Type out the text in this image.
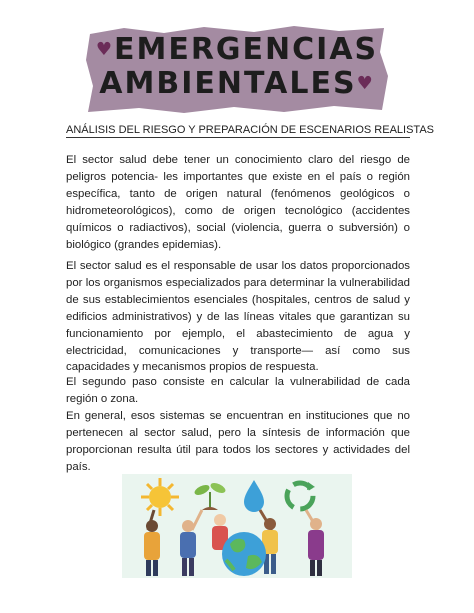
♥EMERGENCIAS
AMBIENTALES♥
ANÁLISIS DEL RIESGO Y PREPARACIÓN DE ESCENARIOS REALISTAS

El sector salud debe tener un conocimiento claro del riesgo de peligros potencia- les importantes que existe en el país o región específica, tanto de origen natural (fenómenos geológicos o hidrometeorológicos), como de origen tecnológico (accidentes químicos o radiactivos), social (violencia, guerra o subversión) o biológico (grandes epidemias).

El sector salud es el responsable de usar los datos proporcionados por los organismos especializados para determinar la vulnerabilidad de sus establecimientos esenciales (hospitales, centros de salud y edificios administrativos) y de las líneas vitales que garantizan su funcionamiento por ejemplo, el abastecimiento de agua y electricidad, comunicaciones y transporte— así como sus capacidades y mecanismos propios de respuesta.

El segundo paso consiste en calcular la vulnerabilidad de cada región o zona.

En general, esos sistemas se encuentran en instituciones que no pertenecen al sector salud, pero la síntesis de información que proporcionan resulta útil para todos los sectores y actividades del país.
